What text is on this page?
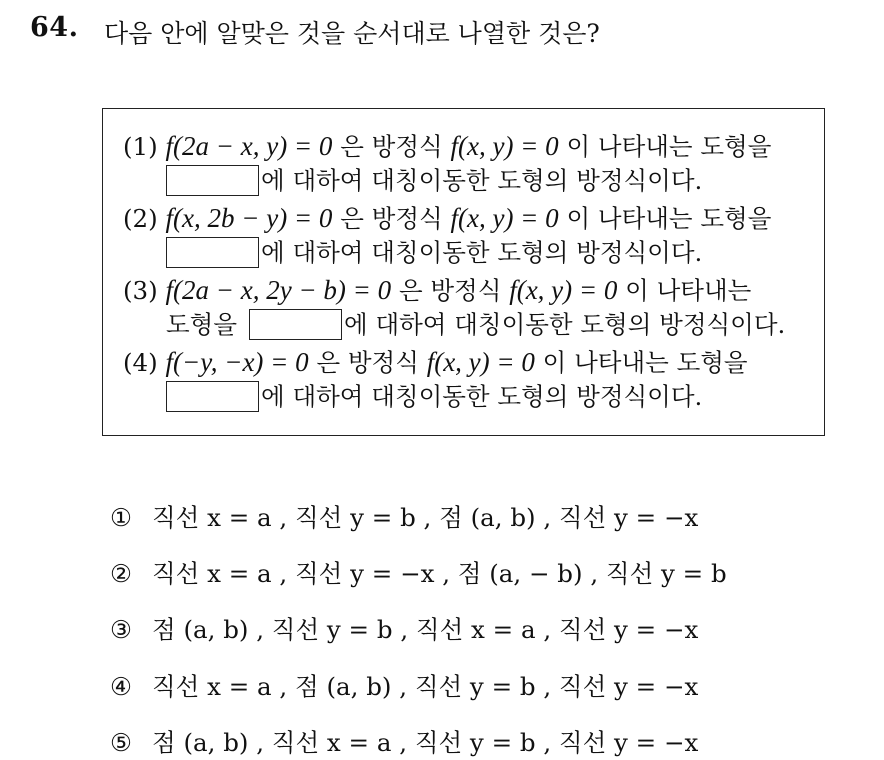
64. 다음 안에 알맞은 것을 순서대로 나열한 것은?
(1) f(2a − x, y) = 0 은 방정식 f(x, y) = 0 이 나타내는 도형을
에 대하여 대칭이동한 도형의 방정식이다.
(2) f(x, 2b − y) = 0 은 방정식 f(x, y) = 0 이 나타내는 도형을
에 대하여 대칭이동한 도형의 방정식이다.
(3) f(2a − x, 2y − b) = 0 은 방정식 f(x, y) = 0 이 나타내는
도형을	에 대하여 대칭이동한 도형의 방정식이다.
(4) f(−y, −x) = 0 은 방정식 f(x, y) = 0 이 나타내는 도형을
에 대하여 대칭이동한 도형의 방정식이다.
① 직선 x = a , 직선 y = b , 점 (a, b) , 직선 y = −x
② 직선 x = a , 직선 y = −x , 점 (a, − b) , 직선 y = b
③ 점 (a, b) , 직선 y = b , 직선 x = a , 직선 y = −x
④ 직선 x = a , 점 (a, b) , 직선 y = b , 직선 y = −x
⑤ 점 (a, b) , 직선 x = a , 직선 y = b , 직선 y = −x
